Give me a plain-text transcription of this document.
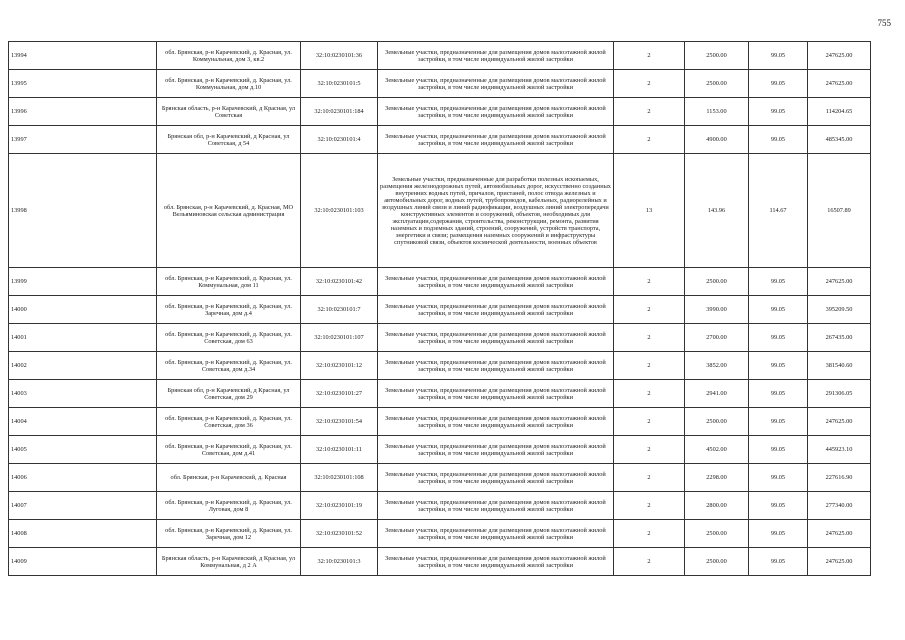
755
13994	обл. Брянская, р-н Карачевский, д. Красная, ул. Коммунальная, дом 3, кв.2	32:10:0230101:36	Земельные участки, предназначенные для размещения домов малоэтажной жилой застройки, в том числе индивидуальной жилой застройки	2	2500.00	99.05	247625.00
13995	обл. Брянская, р-н Карачевский, д. Красная, ул. Коммунальная, дом д.10	32:10:0230101:5	Земельные участки, предназначенные для размещения домов малоэтажной жилой застройки, в том числе индивидуальной жилой застройки	2	2500.00	99.05	247625.00
13996	Брянская область, р-н Карачевский, д Красная, ул Советская	32:10:0230101:184	Земельные участки, предназначенные для размещения домов малоэтажной жилой застройки, в том числе индивидуальной жилой застройки	2	1153.00	99.05	114204.65
13997	Брянская обл, р-н Карачевский, д Красная, ул Советская, д 54	32:10:0230101:4	Земельные участки, предназначенные для размещения домов малоэтажной жилой застройки, в том числе индивидуальной жилой застройки	2	4900.00	99.05	485345.00
13998	обл. Брянская, р-н Карачевский, д. Красная, МО Вельяминовская сельская администрация	32:10:0230101:103	Земельные участки, предназначенные для разработки полезных ископаемых, размещения железнодорожных путей, автомобильных дорог, искусственно созданных внутренних водных путей, причалов, пристаней, полос отвода железных и автомобильных дорог, водных путей, трубопроводов, кабельных, радиорелейных и воздушных линий связи и линий радиофикации, воздушных линий электропередачи конструктивных элементов и сооружений, объектов, необходимых для эксплуатации,содержания, строительства, реконструкции, ремонта, развития наземных и подземных зданий, строений, сооружений, устройств транспорта, энергетики и связи; размещения наземных сооружений и инфраструктуры спутниковой связи, объектов космической деятельности, военных объектов	13	143.96	114.67	16507.89
13999	обл. Брянская, р-н Карачевский, д. Красная, ул. Коммунальная, дом 11	32:10:0230101:42	Земельные участки, предназначенные для размещения домов малоэтажной жилой застройки, в том числе индивидуальной жилой застройки	2	2500.00	99.05	247625.00
14000	обл. Брянская, р-н Карачевский, д. Красная, ул. Заречная, дом д.4	32:10:0230101:7	Земельные участки, предназначенные для размещения домов малоэтажной жилой застройки, в том числе индивидуальной жилой застройки	2	3990.00	99.05	395209.50
14001	обл. Брянская, р-н Карачевский, д. Красная, ул. Советская, дом 63	32:10:0230101:107	Земельные участки, предназначенные для размещения домов малоэтажной жилой застройки, в том числе индивидуальной жилой застройки	2	2700.00	99.05	267435.00
14002	обл. Брянская, р-н Карачевский, д. Красная, ул. Советская, дом д.34	32:10:0230101:12	Земельные участки, предназначенные для размещения домов малоэтажной жилой застройки, в том числе индивидуальной жилой застройки	2	3852.00	99.05	381540.60
14003	Брянская обл, р-н Карачевский, д Красная, ул Советская, дом 29	32:10:0230101:27	Земельные участки, предназначенные для размещения домов малоэтажной жилой застройки, в том числе индивидуальной жилой застройки	2	2941.00	99.05	291306.05
14004	обл. Брянская, р-н Карачевский, д. Красная, ул. Советская, дом 36	32:10:0230101:54	Земельные участки, предназначенные для размещения домов малоэтажной жилой застройки, в том числе индивидуальной жилой застройки	2	2500.00	99.05	247625.00
14005	обл. Брянская, р-н Карачевский, д. Красная, ул. Советская, дом д.41	32:10:0230101:11	Земельные участки, предназначенные для размещения домов малоэтажной жилой застройки, в том числе индивидуальной жилой застройки	2	4502.00	99.05	445923.10
14006	обл. Брянская, р-н Карачевский, д. Красная	32:10:0230101:108	Земельные участки, предназначенные для размещения домов малоэтажной жилой застройки, в том числе индивидуальной жилой застройки	2	2298.00	99.05	227616.90
14007	обл. Брянская, р-н Карачевский, д. Красная, ул. Луговая, дом 8	32:10:0230101:19	Земельные участки, предназначенные для размещения домов малоэтажной жилой застройки, в том числе индивидуальной жилой застройки	2	2800.00	99.05	277340.00
14008	обл. Брянская, р-н Карачевский, д. Красная, ул. Заречная, дом 12	32:10:0230101:52	Земельные участки, предназначенные для размещения домов малоэтажной жилой застройки, в том числе индивидуальной жилой застройки	2	2500.00	99.05	247625.00
14009	Брянская область, р-н Карачевский, д Красная, ул Коммунальная, д 2 А	32:10:0230101:3	Земельные участки, предназначенные для размещения домов малоэтажной жилой застройки, в том числе индивидуальной жилой застройки	2	2500.00	99.05	247625.00
